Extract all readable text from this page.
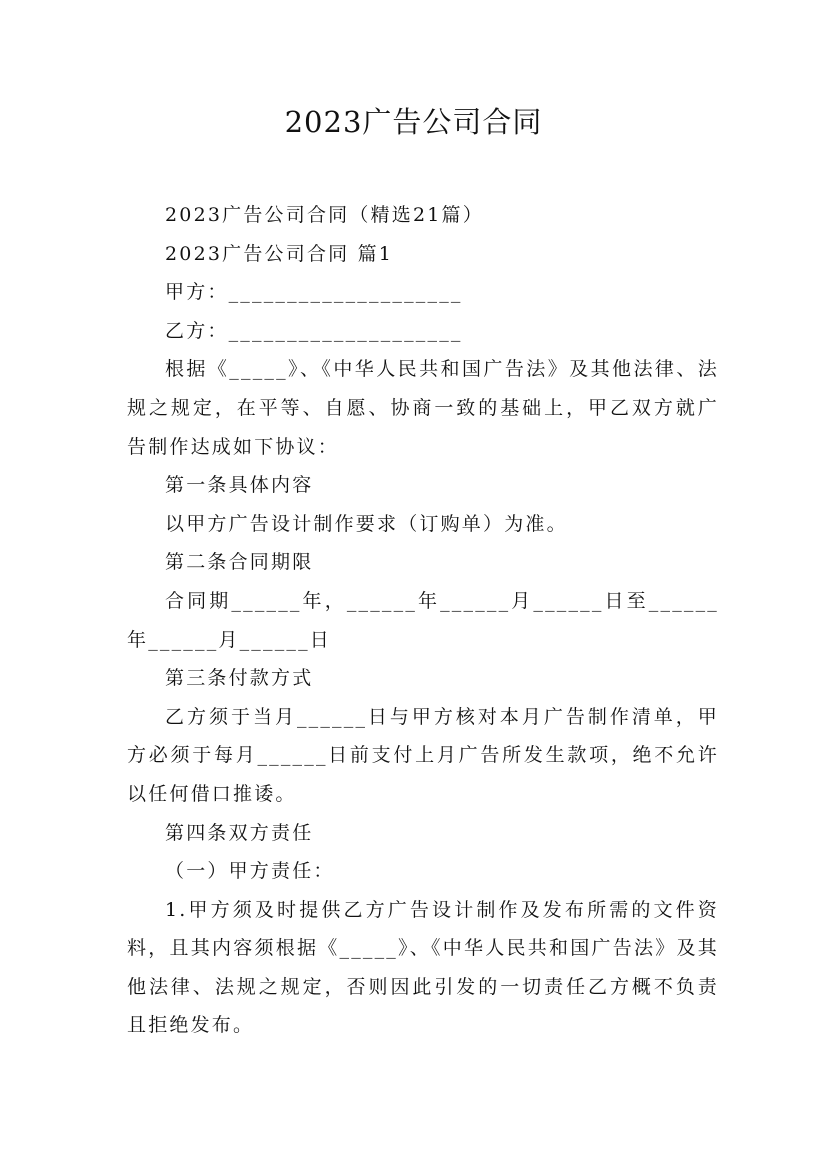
2023广告公司合同

2023广告公司合同（精选21篇）

2023广告公司合同 篇1

甲方：____________________

乙方：____________________

根据《_____》、《中华人民共和国广告法》及其他法律、法规之规定，在平等、自愿、协商一致的基础上，甲乙双方就广告制作达成如下协议：

第一条具体内容

以甲方广告设计制作要求（订购单）为准。

第二条合同期限

合同期______年，______年______月______日至______年______月______日

第三条付款方式

乙方须于当月______日与甲方核对本月广告制作清单，甲方必须于每月______日前支付上月广告所发生款项，绝不允许以任何借口推诿。

第四条双方责任

（一）甲方责任：

1.甲方须及时提供乙方广告设计制作及发布所需的文件资料，且其内容须根据《_____》、《中华人民共和国广告法》及其他法律、法规之规定，否则因此引发的一切责任乙方概不负责且拒绝发布。
